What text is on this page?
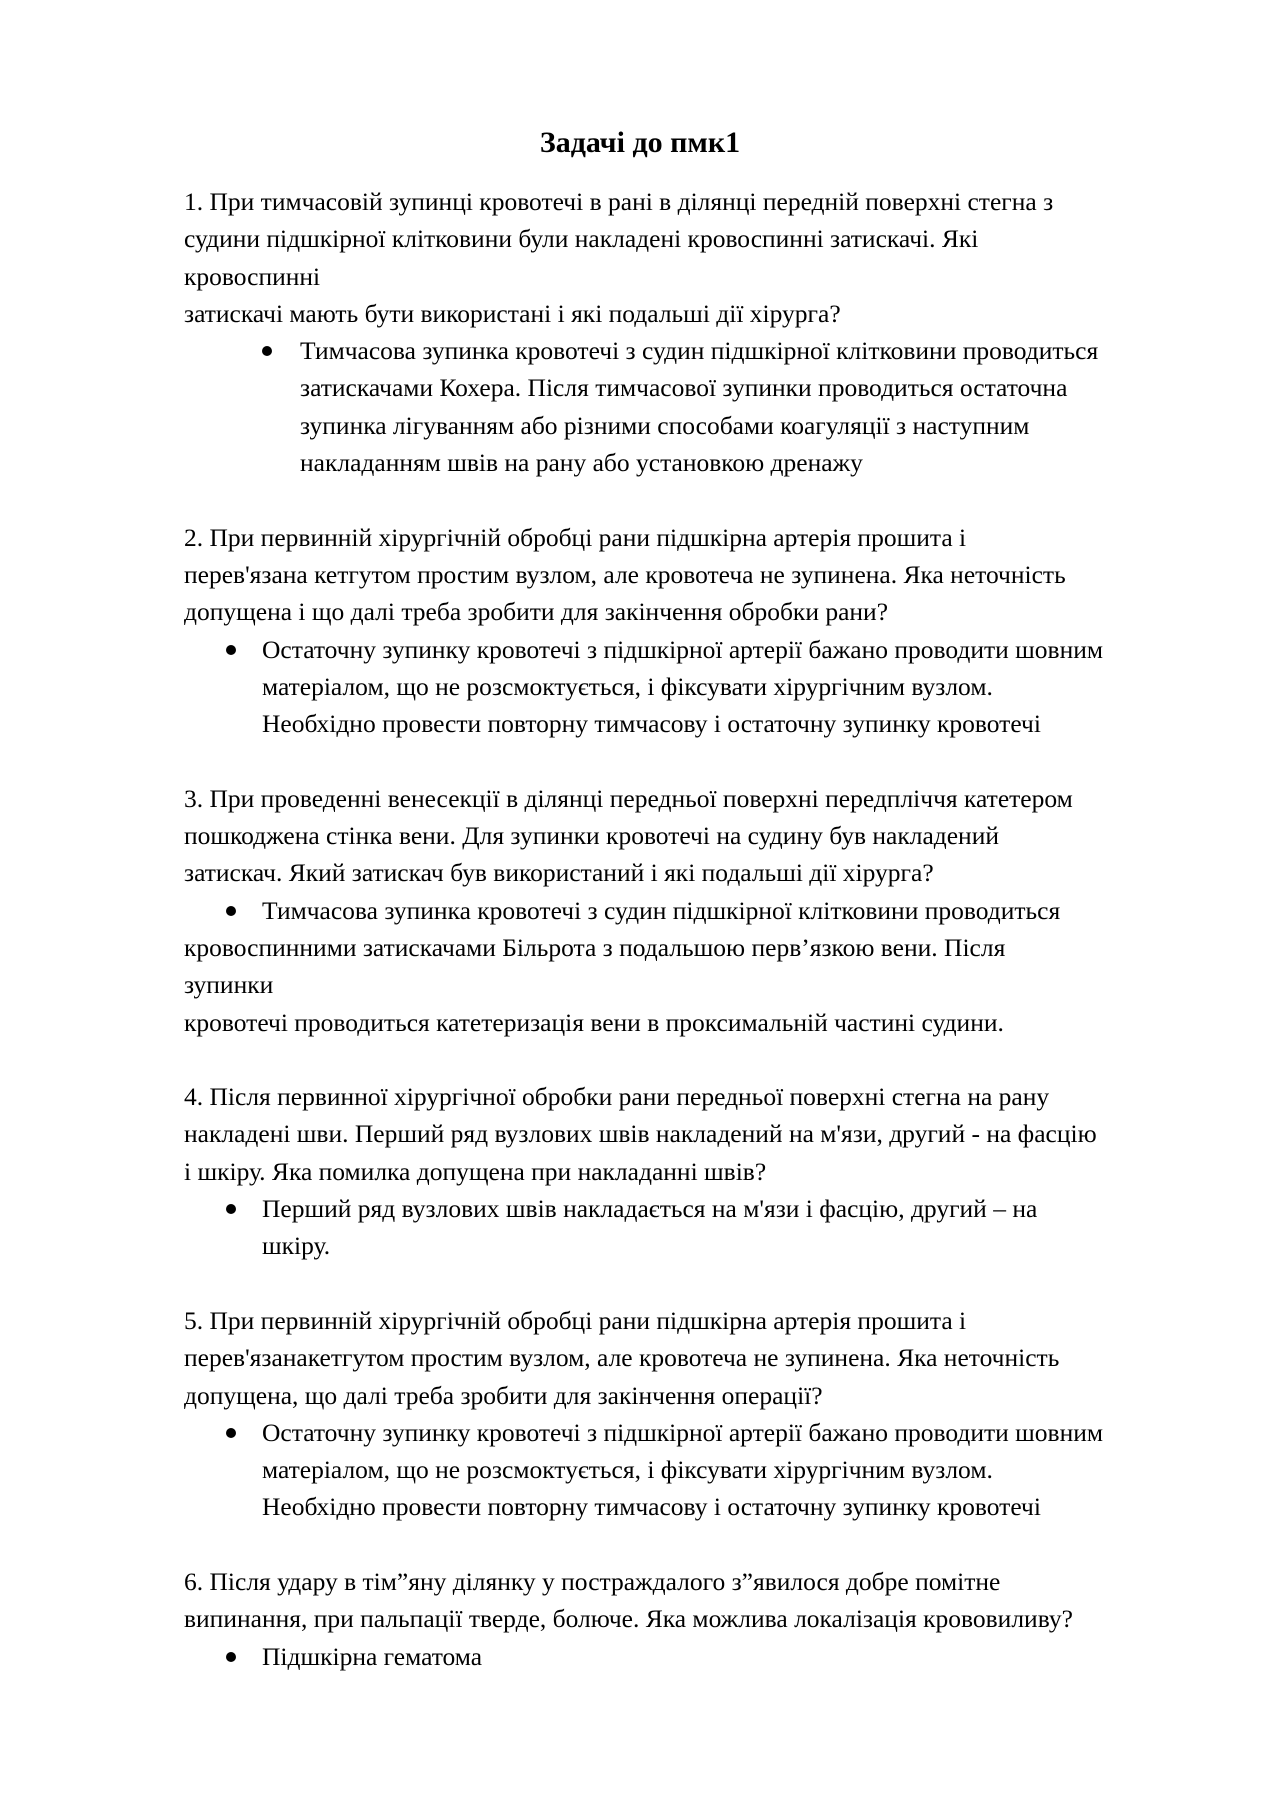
Задачі до пмк1

1. При тимчасовій зупинці кровотечі в рані в ділянці передній поверхні стегна з
судини підшкірної клітковини були накладені кровоспинні затискачі. Які
кровоспинні
затискачі мають бути використані і які подальші дії хірурга?

Тимчасова зупинка кровотечі з судин підшкірної клітковини проводиться
затискачами Кохера. Після тимчасової зупинки проводиться остаточна
зупинка лігуванням або різними способами коагуляції з наступним
накладанням швів на рану або установкою дренажу

2. При первинній хірургічній обробці рани підшкірна артерія прошита і
перев'язана кетгутом простим вузлом, але кровотеча не зупинена. Яка неточність
допущена і що далі треба зробити для закінчення обробки рани?

Остаточну зупинку кровотечі з підшкірної артерії бажано проводити шовним
матеріалом, що не розсмоктується, і фіксувати хірургічним вузлом.
Необхідно провести повторну тимчасову і остаточну зупинку кровотечі

3. При проведенні венесекції в ділянці передньої поверхні передпліччя катетером
пошкоджена стінка вени. Для зупинки кровотечі на судину був накладений
затискач. Який затискач був використаний і які подальші дії хірурга?

Тимчасова зупинка кровотечі з судин підшкірної клітковини проводиться
кровоспинними затискачами Більрота з подальшою перв’язкою вени. Після
зупинки
кровотечі проводиться катетеризація вени в проксимальній частині судини.

4. Після первинної хірургічної обробки рани передньої поверхні стегна на рану
накладені шви. Перший ряд вузлових швів накладений на м'язи, другий - на фасцію
і шкіру. Яка помилка допущена при накладанні швів?

Перший ряд вузлових швів накладається на м'язи і фасцію, другий – на
шкіру.

5. При первинній хірургічній обробці рани підшкірна артерія прошита і
перев'язанакетгутом простим вузлом, але кровотеча не зупинена. Яка неточність
допущена, що далі треба зробити для закінчення операції?

Остаточну зупинку кровотечі з підшкірної артерії бажано проводити шовним
матеріалом, що не розсмоктується, і фіксувати хірургічним вузлом.
Необхідно провести повторну тимчасову і остаточну зупинку кровотечі

6. Після удару в тім”яну ділянку у постраждалого з”явилося добре помітне
випинання, при пальпації тверде, болюче. Яка можлива локалізація крововиливу?

Підшкірна гематома
